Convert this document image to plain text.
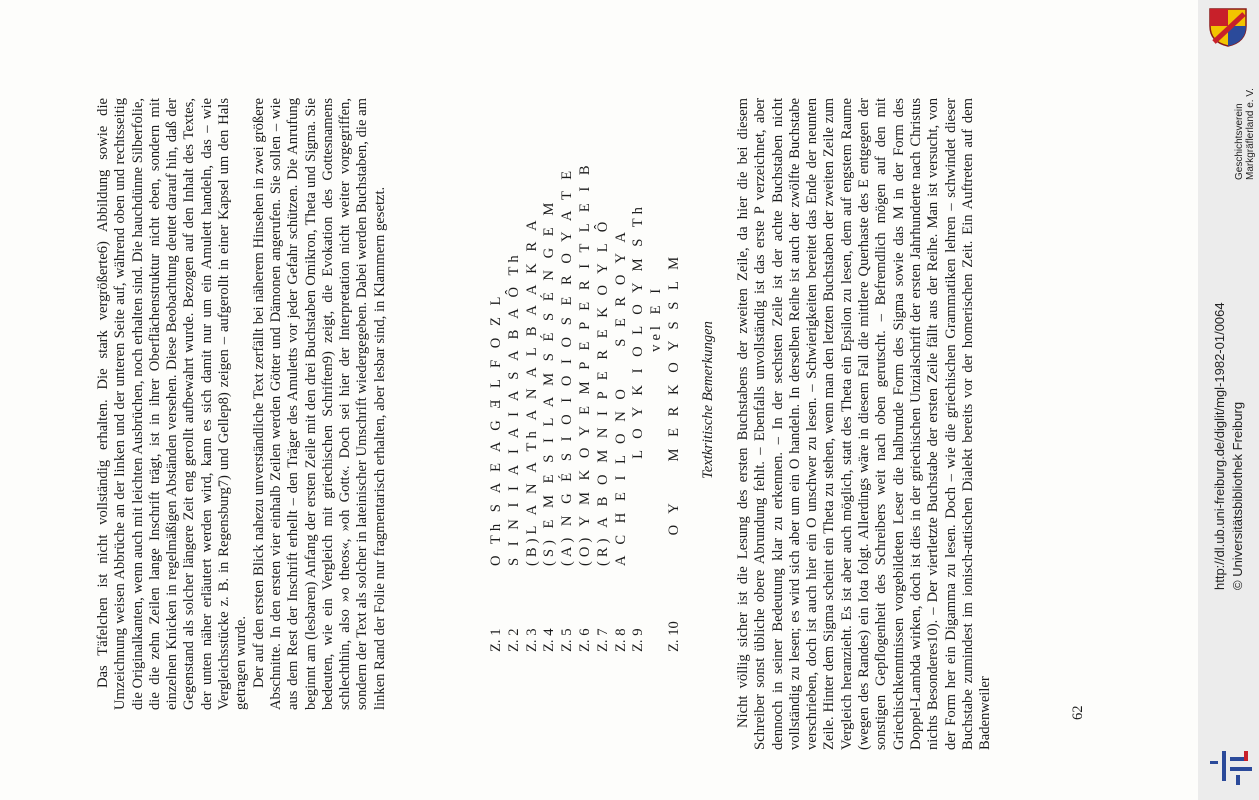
Das Täfelchen ist nicht vollständig erhalten. Die stark vergrößerte6) Abbildung sowie die Umzeichnung weisen Abbrüche an der linken und der unteren Seite auf, während oben und rechtsseitig die Originalkanten, wenn auch mit leichten Ausbrüchen, noch erhalten sind. Die hauchdünne Silberfolie, die die zehn Zeilen lange Inschrift trägt, ist in ihrer Oberflächenstruktur nicht eben, sondern mit einzelnen Knicken in regelmäßigen Abständen versehen. Diese Beobachtung deutet darauf hin, daß der Gegenstand als solcher längere Zeit eng gerollt aufbewahrt wurde. Bezogen auf den Inhalt des Textes, der unten näher erläutert werden wird, kann es sich damit nur um ein Amulett handeln, das – wie Vergleichsstücke z. B. in Regensburg7) und Gellep8) zeigen – aufgerollt in einer Kapsel um den Hals getragen wurde. Der auf den ersten Blick nahezu unverständliche Text zerfällt bei näherem Hinsehen in zwei größere Abschnitte. In den ersten vier einhalb Zeilen werden Götter und Dämonen angerufen. Sie sollen – wie aus dem Rest der Inschrift erhellt – den Träger des Amuletts vor jeder Gefahr schützen. Die Anrufung beginnt am (lesbaren) Anfang der ersten Zeile mit den drei Buchstaben Omikron, Theta und Sigma. Sie bedeuten, wie ein Vergleich mit griechischen Schriften9) zeigt, die Evokation des Gottesnamens schlechthin, also »o theos«, »oh Gott«. Doch sei hier der Interpretation nicht weiter vorgegriffen, sondern der Text als solcher in lateinischer Umschrift wiedergegeben. Dabei werden Buchstaben, die am linken Rand der Folie nur fragmentarisch erhalten, aber lesbar sind, in Klammern gesetzt.	Z. 1
O Th S A E A G Ǝ L F O Z L
Z. 2
S I N I I A I A I A S A B A Ô Th
Z. 3
(B)L A N A Th A N A L B A A K R A
Z. 4
(S) E M E S I L A M S É S É N G E M
Z. 5
(A) N G É S I O I O I O S E R O Y A T E
Z. 6
(O) Y M K O Y E M P E P E R I T L E I B
Z. 7
(R) A B O M N I P E R E K O Y L Ô
Z. 8
A C H E I L O N O     S E R O Y A
Z. 9
L O Y K I O L O Y M S Th vel E I
Z. 10
O Y     M E R K O Y S S L M Textkritische Bemerkungen Nicht völlig sicher ist die Lesung des ersten Buchstabens der zweiten Zeile, da hier die bei diesem Schreiber sonst übliche obere Abrundung fehlt. – Ebenfalls unvollständig ist das erste P verzeichnet, aber dennoch in seiner Bedeutung klar zu erkennen. – In der sechsten Zeile ist der achte Buchstaben nicht vollständig zu lesen; es wird sich aber um ein O handeln. In derselben Reihe ist auch der zwölfte Buchstabe verschrieben, doch ist auch hier ein O unschwer zu lesen. – Schwierigkeiten bereitet das Ende der neunten Zeile. Hinter dem Sigma scheint ein Theta zu stehen, wenn man den letzten Buchstaben der zweiten Zeile zum Vergleich heranzieht. Es ist aber auch möglich, statt des Theta ein Epsilon zu lesen, dem auf engstem Raume (wegen des Randes) ein Iota folgt. Allerdings wäre in diesem Fall die mittlere Querhaste des E entgegen der sonstigen Gepflogenheit des Schreibers weit nach oben gerutscht. – Befremdlich mögen auf den mit Griechischkenntnissen vorgebildeten Leser die halbrunde Form des Sigma sowie das M in der Form des Doppel-Lambda wirken, doch ist dies in der griechischen Unzialschrift der ersten Jahrhunderte nach Christus nichts Besonderes10). – Der viertletzte Buchstabe der ersten Zeile fällt aus der Reihe. Man ist versucht, von der Form her ein Digamma zu lesen. Doch – wie die griechischen Grammatiken lehren – schwindet dieser Buchstabe zumindest im ionisch-attischen Dialekt bereits vor der homerischen Zeit. Ein Auftreten auf dem Badenweiler	62
http://dl.ub.uni-freiburg.de/diglit/mgl-1982-01/0064 © Universitätsbibliothek Freiburg
Geschichtsverein Markgräflerland e. V.
